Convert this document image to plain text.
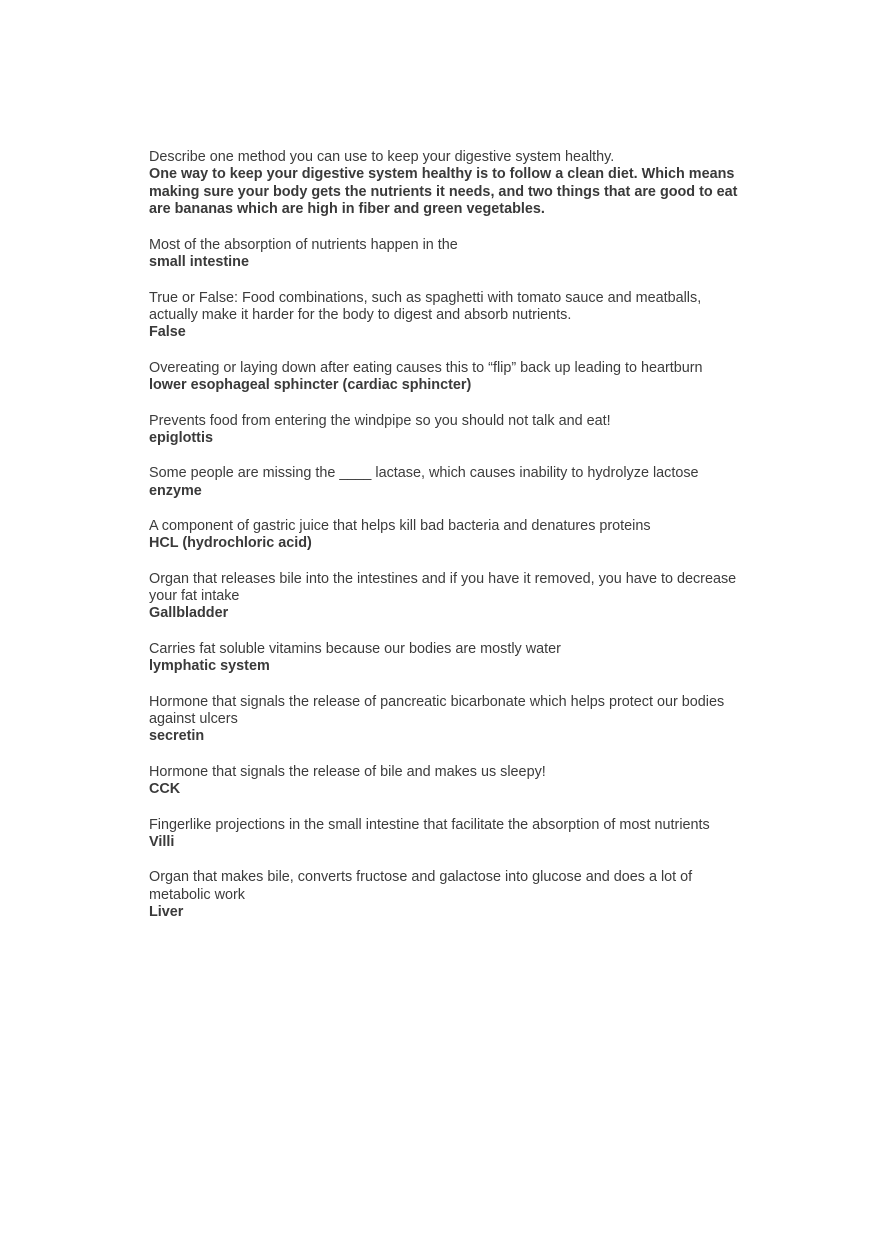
Describe one method you can use to keep your digestive system healthy.

One way to keep your digestive system healthy is to follow a clean diet. Which means making sure your body gets the nutrients it needs, and two things that are good to eat are bananas which are high in fiber and green vegetables.

Most of the absorption of nutrients happen in the

small intestine

True or False: Food combinations, such as spaghetti with tomato sauce and meatballs, actually make it harder for the body to digest and absorb nutrients.

False

Overeating or laying down after eating causes this to “flip” back up leading to heartburn

lower esophageal sphincter (cardiac sphincter)

Prevents food from entering the windpipe so you should not talk and eat!

epiglottis

Some people are missing the ____ lactase, which causes inability to hydrolyze lactose

enzyme

A component of gastric juice that helps kill bad bacteria and denatures proteins

HCL (hydrochloric acid)

Organ that releases bile into the intestines and if you have it removed, you have to decrease your fat intake

Gallbladder

Carries fat soluble vitamins because our bodies are mostly water

lymphatic system

Hormone that signals the release of pancreatic bicarbonate which helps protect our bodies against ulcers

secretin

Hormone that signals the release of bile and makes us sleepy!

CCK

Fingerlike projections in the small intestine that facilitate the absorption of most nutrients

Villi

Organ that makes bile, converts fructose and galactose into glucose and does a lot of metabolic work

Liver
